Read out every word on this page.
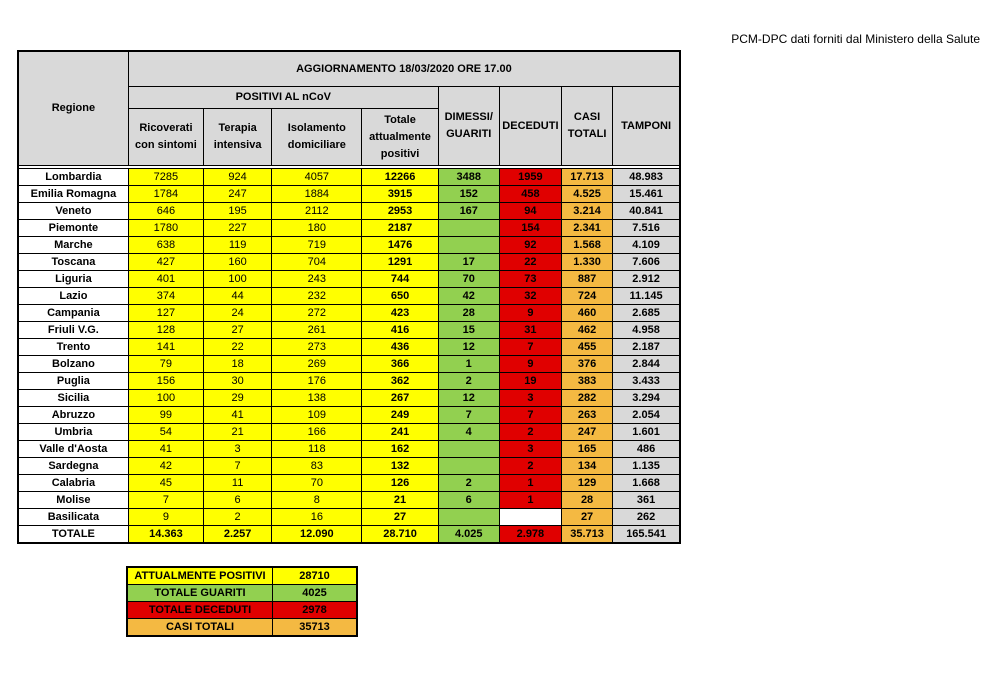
PCM-DPC dati forniti dal Ministero della Salute
Regione	AGGIORNAMENTO 18/03/2020 ORE 17.00							
	POSITIVI AL nCoV				DIMESSI/ GUARITI	DECEDUTI	CASI TOTALI	TAMPONI
	Ricoverati con sintomi	Terapia intensiva	Isolamento domiciliare	Totale attualmente positivi				

Lombardia	7285	924	4057	12266	3488	1959	17.713	48.983
Emilia Romagna	1784	247	1884	3915	152	458	4.525	15.461
Veneto	646	195	2112	2953	167	94	3.214	40.841
Piemonte	1780	227	180	2187		154	2.341	7.516
Marche	638	119	719	1476		92	1.568	4.109
Toscana	427	160	704	1291	17	22	1.330	7.606
Liguria	401	100	243	744	70	73	887	2.912
Lazio	374	44	232	650	42	32	724	11.145
Campania	127	24	272	423	28	9	460	2.685
Friuli V.G.	128	27	261	416	15	31	462	4.958
Trento	141	22	273	436	12	7	455	2.187
Bolzano	79	18	269	366	1	9	376	2.844
Puglia	156	30	176	362	2	19	383	3.433
Sicilia	100	29	138	267	12	3	282	3.294
Abruzzo	99	41	109	249	7	7	263	2.054
Umbria	54	21	166	241	4	2	247	1.601
Valle d'Aosta	41	3	118	162		3	165	486
Sardegna	42	7	83	132		2	134	1.135
Calabria	45	11	70	126	2	1	129	1.668
Molise	7	6	8	21	6	1	28	361
Basilicata	9	2	16	27			27	262
TOTALE	14.363	2.257	12.090	28.710	4.025	2.978	35.713	165.541
ATTUALMENTE POSITIVI	28710
TOTALE GUARITI	4025
TOTALE DECEDUTI	2978
CASI TOTALI	35713
